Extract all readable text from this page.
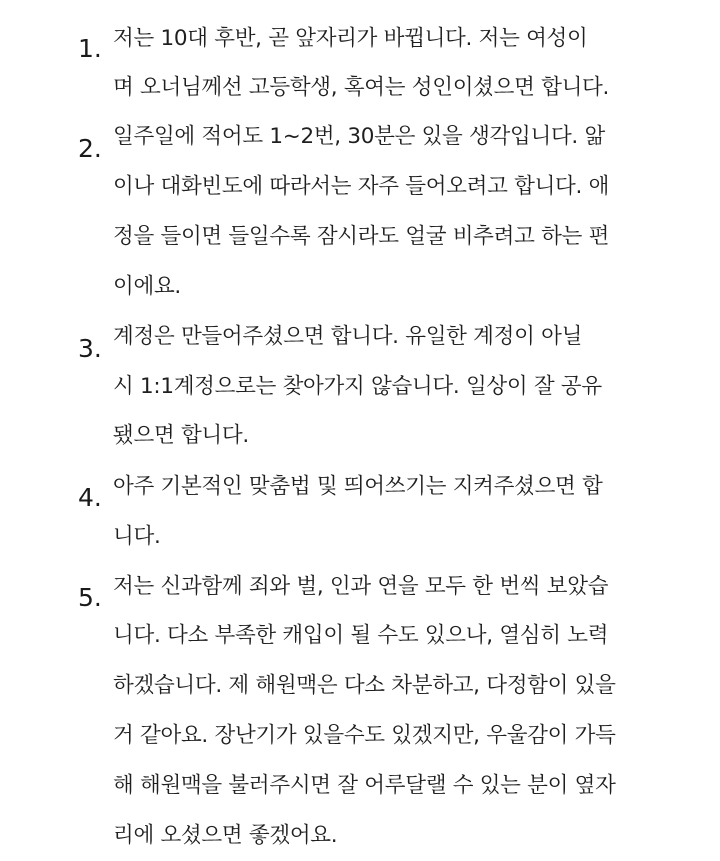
1. 저는 10대 후반, 곧 앞자리가 바뀝니다. 저는 여성이
며 오너님께선 고등학생, 혹여는 성인이셨으면 합니다.
2. 일주일에 적어도 1~2번, 30분은 있을 생각입니다. 앎
이나 대화빈도에 따라서는 자주 들어오려고 합니다. 애
정을 들이면 들일수록 잠시라도 얼굴 비추려고 하는 편
이에요.
3. 계정은 만들어주셨으면 합니다. 유일한 계정이 아닐
시 1:1계정으로는 찾아가지 않습니다. 일상이 잘 공유
됐으면 합니다.
4. 아주 기본적인 맞춤법 및 띄어쓰기는 지켜주셨으면 합
니다.
5. 저는 신과함께 죄와 벌, 인과 연을 모두 한 번씩 보았습
니다. 다소 부족한 캐입이 될 수도 있으나, 열심히 노력
하겠습니다. 제 해원맥은 다소 차분하고, 다정함이 있을
거 같아요. 장난기가 있을수도 있겠지만, 우울감이 가득
해 해원맥을 불러주시면 잘 어루달랠 수 있는 분이 옆자
리에 오셨으면 좋겠어요.
